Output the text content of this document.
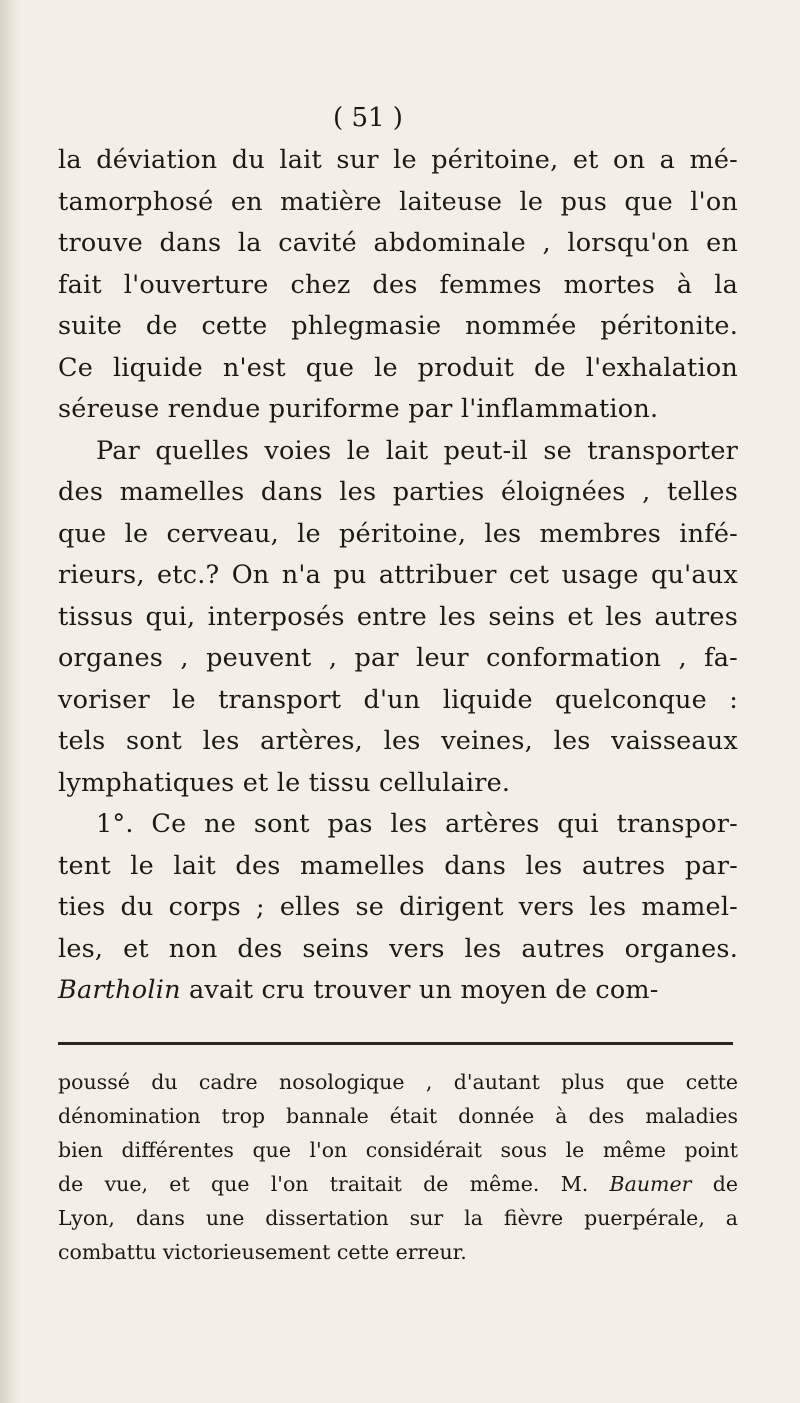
( 51 )

la déviation du lait sur le péritoine, et on a mé-
tamorphosé en matière laiteuse le pus que l'on
trouve dans la cavité abdominale , lorsqu'on en
fait l'ouverture chez des femmes mortes à la
suite de cette phlegmasie nommée péritonite.
Ce liquide n'est que le produit de l'exhalation
séreuse rendue puriforme par l'inflammation.

Par quelles voies le lait peut-il se transporter
des mamelles dans les parties éloignées , telles
que le cerveau, le péritoine, les membres infé-
rieurs, etc.? On n'a pu attribuer cet usage qu'aux
tissus qui, interposés entre les seins et les autres
organes , peuvent , par leur conformation , fa-
voriser le transport d'un liquide quelconque :
tels sont les artères, les veines, les vaisseaux
lymphatiques et le tissu cellulaire.

1°. Ce ne sont pas les artères qui transpor-
tent le lait des mamelles dans les autres par-
ties du corps ; elles se dirigent vers les mamel-
les, et non des seins vers les autres organes.
Bartholin avait cru trouver un moyen de com-

poussé du cadre nosologique , d'autant plus que cette
dénomination trop bannale était donnée à des maladies
bien différentes que l'on considérait sous le même point
de vue, et que l'on traitait de même. M. Baumer de
Lyon, dans une dissertation sur la fièvre puerpérale, a
combattu victorieusement cette erreur.
